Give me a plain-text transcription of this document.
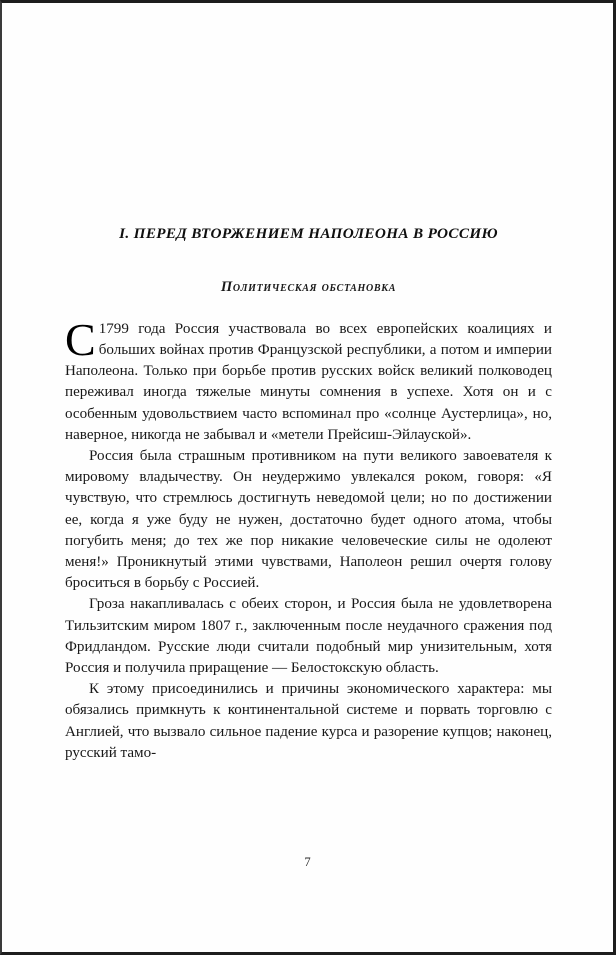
I. ПЕРЕД ВТОРЖЕНИЕМ НАПОЛЕОНА В РОССИЮ
Политическая обстановка

С1799 года Россия участвовала во всех европейских коалициях и больших войнах против Французской республики, а потом и империи Наполеона. Только при борьбе против русских войск великий полководец переживал иногда тяжелые минуты сомнения в успехе. Хотя он и с особенным удовольствием часто вспоминал про «солнце Аустерлица», но, наверное, никогда не забывал и «метели Прейсиш-Эйлауской».

Россия была страшным противником на пути великого завоевателя к мировому владычеству. Он неудержимо увлекался роком, говоря: «Я чувствую, что стремлюсь достигнуть неведомой цели; но по достижении ее, когда я уже буду не нужен, достаточно будет одного атома, чтобы погубить меня; до тех же пор никакие человеческие силы не одолеют меня!» Проникнутый этими чувствами, Наполеон решил очертя голову броситься в борьбу с Россией.

Гроза накапливалась с обеих сторон, и Россия была не удовлетворена Тильзитским миром 1807 г., заключенным после неудачного сражения под Фридландом. Русские люди считали подобный мир унизительным, хотя Россия и получила приращение — Белостокскую область.

К этому присоединились и причины экономического характера: мы обязались примкнуть к континентальной системе и порвать торговлю с Англией, что вызвало сильное падение курса и разорение купцов; наконец, русский тамо-

7
